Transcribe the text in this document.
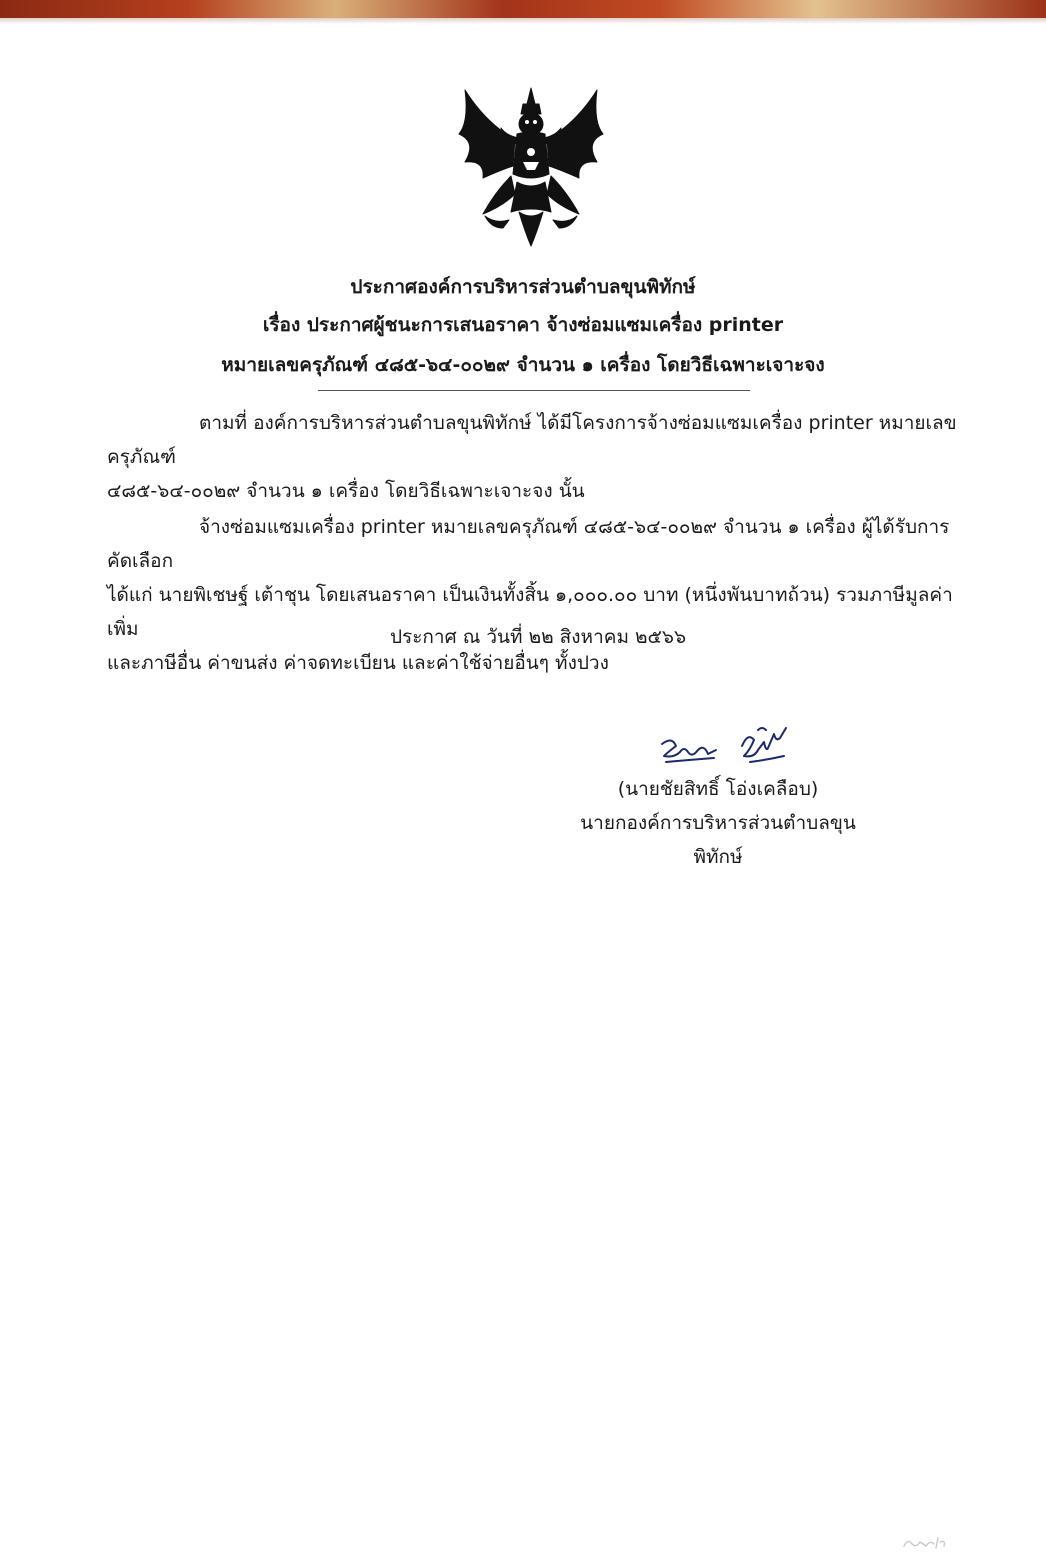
ประกาศองค์การบริหารส่วนตำบลขุนพิทักษ์
เรื่อง ประกาศผู้ชนะการเสนอราคา จ้างซ่อมแซมเครื่อง printer
หมายเลขครุภัณฑ์ ๔๘๕-๖๔-๐๐๒๙ จำนวน ๑ เครื่อง โดยวิธีเฉพาะเจาะจง
ตามที่ องค์การบริหารส่วนตำบลขุนพิทักษ์ ได้มีโครงการจ้างซ่อมแซมเครื่อง printer หมายเลขครุภัณฑ์
๔๘๕-๖๔-๐๐๒๙ จำนวน ๑ เครื่อง โดยวิธีเฉพาะเจาะจง นั้น
จ้างซ่อมแซมเครื่อง printer หมายเลขครุภัณฑ์ ๔๘๕-๖๔-๐๐๒๙ จำนวน ๑ เครื่อง ผู้ได้รับการคัดเลือก
ได้แก่ นายพิเชษฐ์ เต้าชุน โดยเสนอราคา เป็นเงินทั้งสิ้น ๑,๐๐๐.๐๐ บาท (หนึ่งพันบาทถ้วน) รวมภาษีมูลค่าเพิ่ม
และภาษีอื่น ค่าขนส่ง ค่าจดทะเบียน และค่าใช้จ่ายอื่นๆ ทั้งปวง
ประกาศ ณ วันที่ ๒๒ สิงหาคม ๒๕๖๖
(นายชัยสิทธิ์ โอ่งเคลือบ)
นายกองค์การบริหารส่วนตำบลขุนพิทักษ์
